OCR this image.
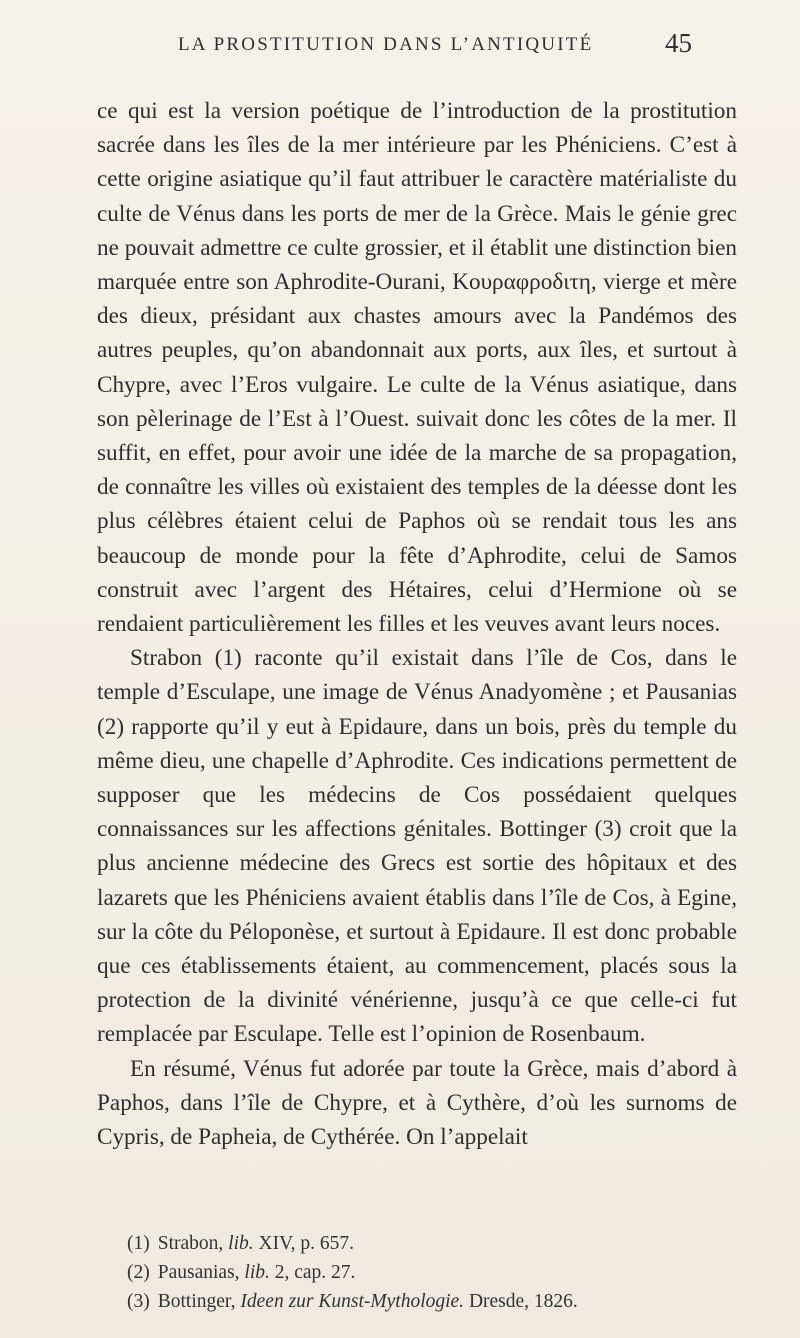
LA PROSTITUTION DANS L’ANTIQUITÉ	45

ce qui est la version poétique de l’introduction de la prostitution sacrée dans les îles de la mer intérieure par les Phéniciens. C’est à cette origine asiatique qu’il faut attribuer le caractère matérialiste du culte de Vénus dans les ports de mer de la Grèce. Mais le génie grec ne pouvait admettre ce culte grossier, et il établit une distinction bien marquée entre son Aphrodite-Ourani, Κουραφροδιτη, vierge et mère des dieux, présidant aux chastes amours avec la Pandémos des autres peuples, qu’on abandonnait aux ports, aux îles, et surtout à Chypre, avec l’Eros vulgaire. Le culte de la Vénus asiatique, dans son pèlerinage de l’Est à l’Ouest. suivait donc les côtes de la mer. Il suffit, en effet, pour avoir une idée de la marche de sa propagation, de connaître les villes où existaient des temples de la déesse dont les plus célèbres étaient celui de Paphos où se rendait tous les ans beaucoup de monde pour la fête d’Aphrodite, celui de Samos construit avec l’argent des Hétaires, celui d’Hermione où se rendaient particulièrement les filles et les veuves avant leurs noces.

Strabon (1) raconte qu’il existait dans l’île de Cos, dans le temple d’Esculape, une image de Vénus Anadyomène ; et Pausanias (2) rapporte qu’il y eut à Epidaure, dans un bois, près du temple du même dieu, une chapelle d’Aphrodite. Ces indications permettent de supposer que les médecins de Cos possédaient quelques connaissances sur les affections génitales. Bottinger (3) croit que la plus ancienne médecine des Grecs est sortie des hôpitaux et des lazarets que les Phéniciens avaient établis dans l’île de Cos, à Egine, sur la côte du Péloponèse, et surtout à Epidaure. Il est donc probable que ces établissements étaient, au commencement, placés sous la protection de la divinité vénérienne, jusqu’à ce que celle-ci fut remplacée par Esculape. Telle est l’opinion de Rosenbaum.

En résumé, Vénus fut adorée par toute la Grèce, mais d’abord à Paphos, dans l’île de Chypre, et à Cythère, d’où les surnoms de Cypris, de Papheia, de Cythérée. On l’appelait

(1) Strabon, lib. XIV, p. 657.
(2) Pausanias, lib. 2, cap. 27.
(3) Bottinger, Ideen zur Kunst-Mythologie. Dresde, 1826.
